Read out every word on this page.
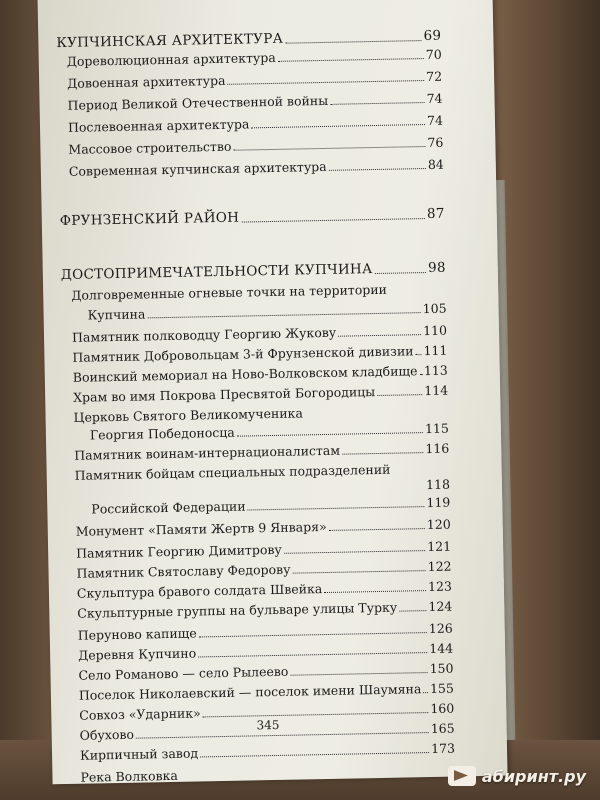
КУПЧИНСКАЯ АРХИТЕКТУРА	69
Дореволюционная архитектура	70
Довоенная архитектура	72
Период Великой Отечественной войны	74
Послевоенная архитектура	74
Массовое строительство	76
Современная купчинская архитектура	84
ФРУНЗЕНСКИЙ РАЙОН	87
ДОСТОПРИМЕЧАТЕЛЬНОСТИ КУПЧИНА	98
Долговременные огневые точки на территории
Купчина	105
Памятник полководцу Георгию Жукову	110
Памятник Добровольцам 3-й Фрунзенской дивизии 111
Воинский мемориал на Ново-Волковском кладбище 113
Храм во имя Покрова Пресвятой Богородицы	114
Церковь Святого Великомученика
Георгия Победоносца	115
Памятник воинам-интернационалистам	116
Памятник бойцам специальных подразделений
118
Российской Федерации	119
Монумент «Памяти Жертв 9 Января»	120
Памятник Георгию Димитрову	121
Памятник Святославу Федорову	122
Скульптура бравого солдата Швейка	123
Скульптурные группы на бульваре улицы Турку 124
Перуново капище	126
Деревня Купчино	144
Село Романово — село Рылеево	150
Поселок Николаевский — поселок имени Шаумяна 155
Совхоз «Ударник»	160
Обухово	165
Кирпичный завод	173
Река Волковка
345
абиринт.ру
